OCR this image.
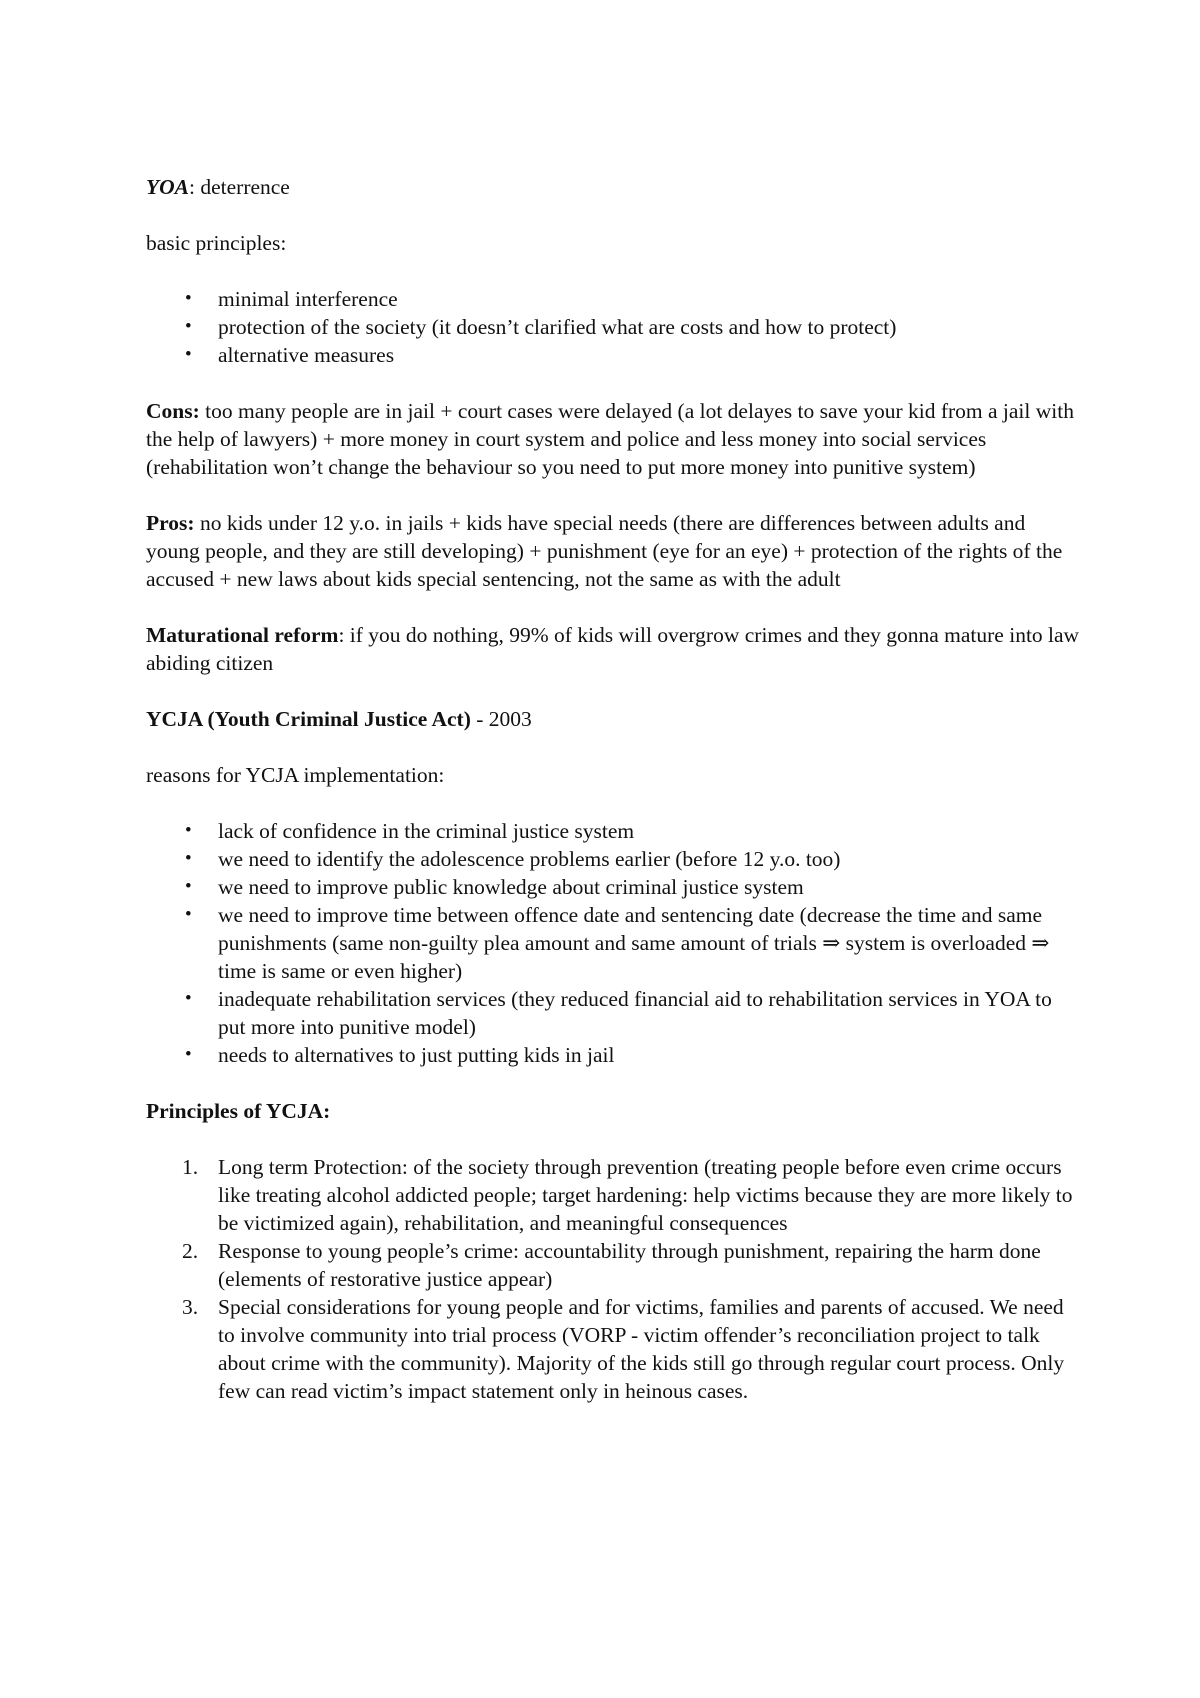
YOA: deterrence

basic principles:

• minimal interference
• protection of the society (it doesn’t clarified what are costs and how to protect)
• alternative measures

Cons: too many people are in jail + court cases were delayed (a lot delayes to save your kid from a jail with the help of lawyers) + more money in court system and police and less money into social services (rehabilitation won’t change the behaviour so you need to put more money into punitive system)

Pros: no kids under 12 y.o. in jails + kids have special needs (there are differences between adults and young people, and they are still developing) + punishment (eye for an eye) + protection of the rights of the accused + new laws about kids special sentencing, not the same as with the adult

Maturational reform: if you do nothing, 99% of kids will overgrow crimes and they gonna mature into law abiding citizen

YCJA (Youth Criminal Justice Act) - 2003

reasons for YCJA implementation:

• lack of confidence in the criminal justice system
• we need to identify the adolescence problems earlier (before 12 y.o. too)
• we need to improve public knowledge about criminal justice system
• we need to improve time between offence date and sentencing date (decrease the time and same punishments (same non-guilty plea amount and same amount of trials ⇒ system is overloaded ⇒ time is same or even higher)
• inadequate rehabilitation services (they reduced financial aid to rehabilitation services in YOA to put more into punitive model)
• needs to alternatives to just putting kids in jail

Principles of YCJA:

1. Long term Protection: of the society through prevention (treating people before even crime occurs like treating alcohol addicted people; target hardening: help victims because they are more likely to be victimized again), rehabilitation, and meaningful consequences
2. Response to young people’s crime: accountability through punishment, repairing the harm done (elements of restorative justice appear)
3. Special considerations for young people and for victims, families and parents of accused. We need to involve community into trial process (VORP - victim offender’s reconciliation project to talk about crime with the community). Majority of the kids still go through regular court process. Only few can read victim’s impact statement only in heinous cases.
